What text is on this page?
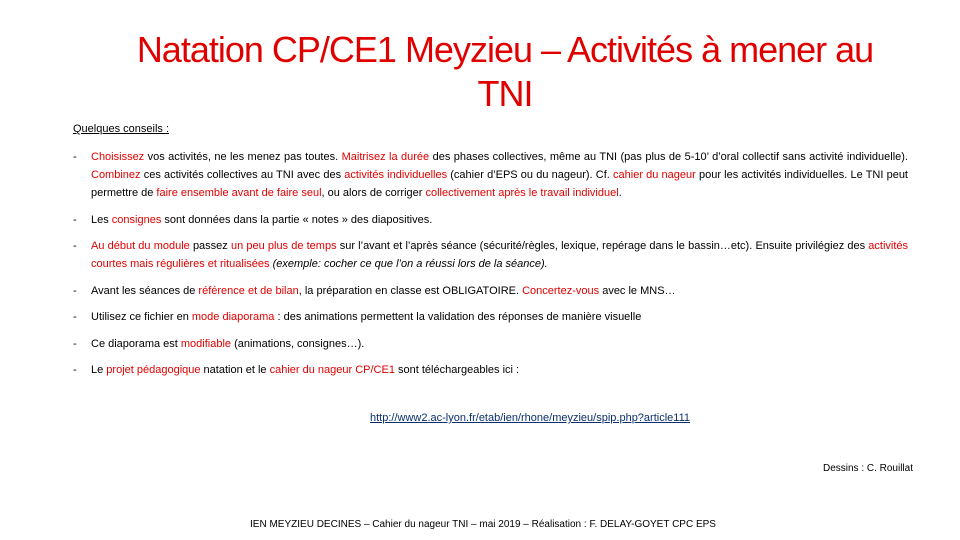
Natation CP/CE1 Meyzieu – Activités à mener au TNI
Quelques conseils :
-	Choisissez vos activités, ne les menez pas toutes. Maitrisez la durée des phases collectives, même au TNI (pas plus de 5-10’ d’oral collectif sans activité individuelle). Combinez ces activités collectives au TNI avec des activités individuelles (cahier d’EPS ou du nageur). Cf. cahier du nageur pour les activités individuelles. Le TNI peut permettre de faire ensemble avant de faire seul, ou alors de corriger collectivement après le travail individuel.
-	Les consignes sont données dans la partie « notes » des diapositives.
-	Au début du module passez un peu plus de temps sur l’avant et l’après séance (sécurité/règles, lexique, repérage dans le bassin…etc). Ensuite privilégiez des activités courtes mais régulières et ritualisées (exemple: cocher ce que l’on a réussi lors de la séance).
-	Avant les séances de référence et de bilan, la préparation en classe est OBLIGATOIRE. Concertez-vous avec le MNS…
-	Utilisez ce fichier en mode diaporama : des animations permettent la validation des réponses de manière visuelle
-	Ce diaporama est modifiable (animations, consignes…).
-	Le projet pédagogique natation et le cahier du nageur CP/CE1 sont téléchargeables ici :
http://www2.ac-lyon.fr/etab/ien/rhone/meyzieu/spip.php?article111
Dessins : C. Rouillat
IEN MEYZIEU DECINES – Cahier du nageur TNI – mai 2019 – Réalisation : F. DELAY-GOYET CPC EPS
